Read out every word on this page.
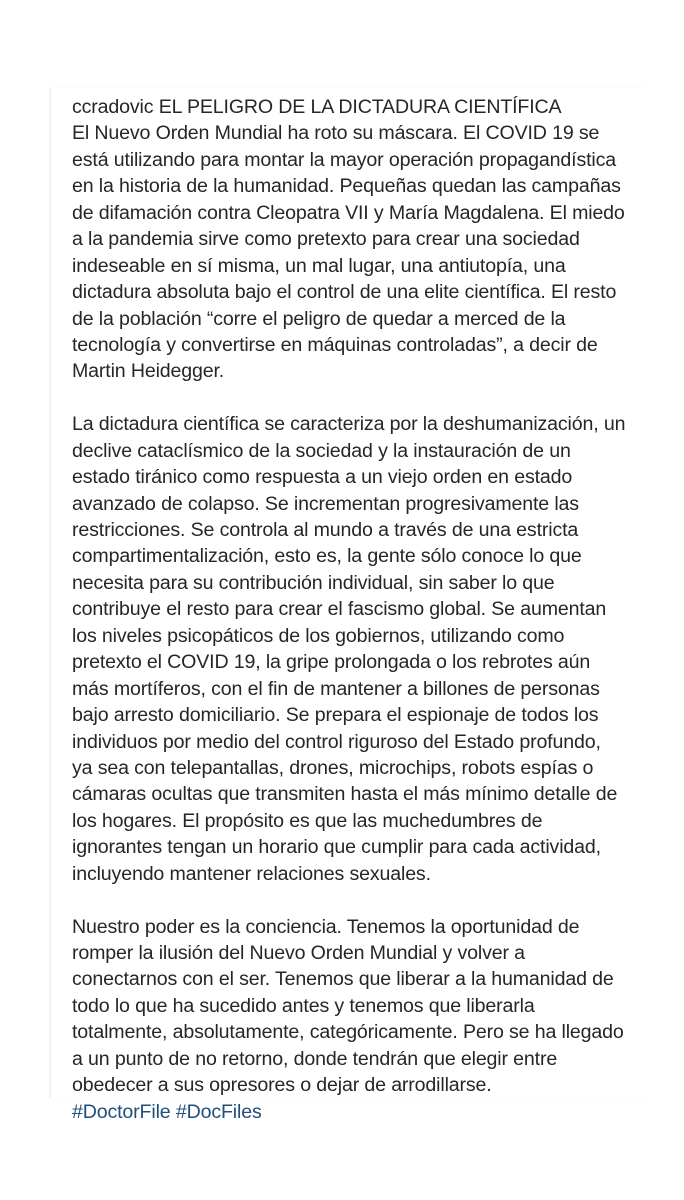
ccradovic EL PELIGRO DE LA DICTADURA CIENTÍFICA
El Nuevo Orden Mundial ha roto su máscara. El COVID 19 se
está utilizando para montar la mayor operación propagandística
en la historia de la humanidad. Pequeñas quedan las campañas
de difamación contra Cleopatra VII y María Magdalena. El miedo
a la pandemia sirve como pretexto para crear una sociedad
indeseable en sí misma, un mal lugar, una antiutopía, una
dictadura absoluta bajo el control de una elite científica. El resto
de la población “corre el peligro de quedar a merced de la
tecnología y convertirse en máquinas controladas”, a decir de
Martin Heidegger.
La dictadura científica se caracteriza por la deshumanización, un
declive cataclísmico de la sociedad y la instauración de un
estado tiránico como respuesta a un viejo orden en estado
avanzado de colapso. Se incrementan progresivamente las
restricciones. Se controla al mundo a través de una estricta
compartimentalización, esto es, la gente sólo conoce lo que
necesita para su contribución individual, sin saber lo que
contribuye el resto para crear el fascismo global. Se aumentan
los niveles psicopáticos de los gobiernos, utilizando como
pretexto el COVID 19, la gripe prolongada o los rebrotes aún
más mortíferos, con el fin de mantener a billones de personas
bajo arresto domiciliario. Se prepara el espionaje de todos los
individuos por medio del control riguroso del Estado profundo,
ya sea con telepantallas, drones, microchips, robots espías o
cámaras ocultas que transmiten hasta el más mínimo detalle de
los hogares. El propósito es que las muchedumbres de
ignorantes tengan un horario que cumplir para cada actividad,
incluyendo mantener relaciones sexuales.
Nuestro poder es la conciencia. Tenemos la oportunidad de
romper la ilusión del Nuevo Orden Mundial y volver a
conectarnos con el ser. Tenemos que liberar a la humanidad de
todo lo que ha sucedido antes y tenemos que liberarla
totalmente, absolutamente, categóricamente. Pero se ha llegado
a un punto de no retorno, donde tendrán que elegir entre
obedecer a sus opresores o dejar de arrodillarse.
#DoctorFile #DocFiles
